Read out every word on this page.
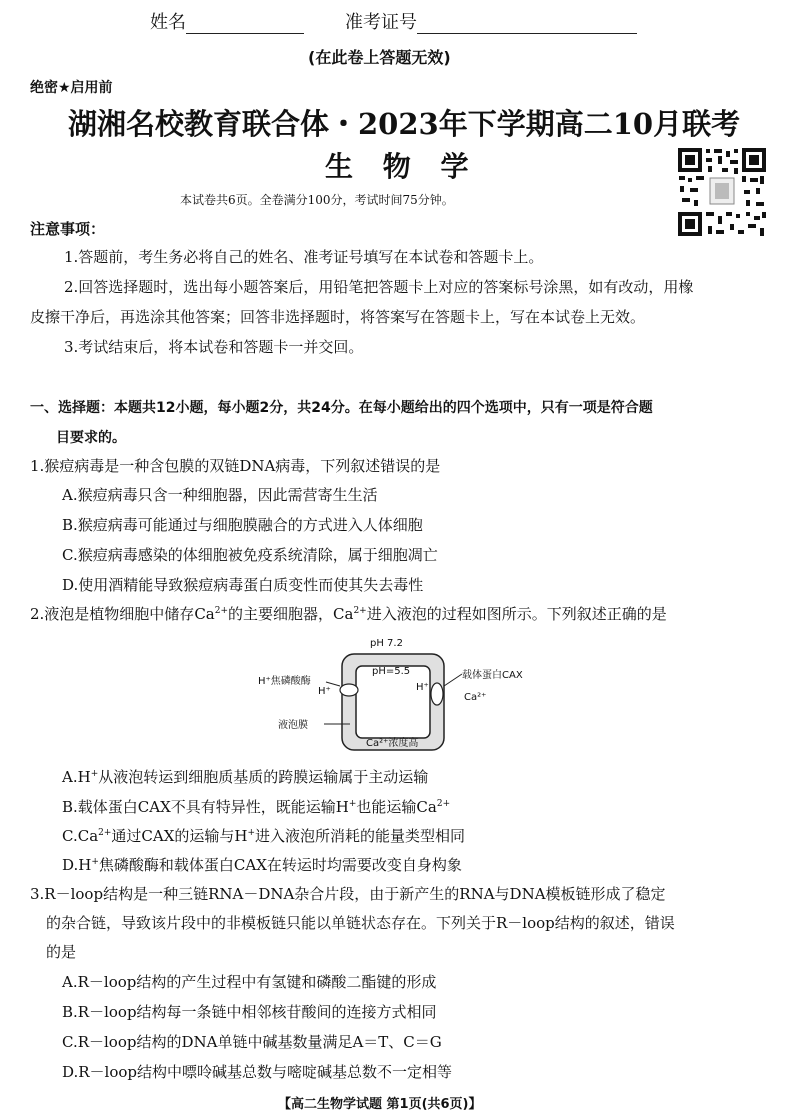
姓名	准考证号
(在此卷上答题无效)
绝密★启用前
湖湘名校教育联合体・2023年下学期高二10月联考
生 物 学
本试卷共6页。全卷满分100分，考试时间75分钟。
注意事项：
1.答题前，考生务必将自己的姓名、准考证号填写在本试卷和答题卡上。
2.回答选择题时，选出每小题答案后，用铅笔把答题卡上对应的答案标号涂黑，如有改动，用橡
皮擦干净后，再选涂其他答案；回答非选择题时，将答案写在答题卡上，写在本试卷上无效。
3.考试结束后，将本试卷和答题卡一并交回。
一、选择题：本题共12小题，每小题2分，共24分。在每小题给出的四个选项中，只有一项是符合题
目要求的。
1.猴痘病毒是一种含包膜的双链DNA病毒，下列叙述错误的是
A.猴痘病毒只含一种细胞器，因此需营寄生生活
B.猴痘病毒可能通过与细胞膜融合的方式进入人体细胞
C.猴痘病毒感染的体细胞被免疫系统清除，属于细胞凋亡
D.使用酒精能导致猴痘病毒蛋白质变性而使其失去毒性
2.液泡是植物细胞中储存$Ca^{2+}$的主要细胞器，$Ca^{2+}$进入液泡的过程如图所示。下列叙述正确的是
pH 7.2
pH=5.5
H⁺焦磷酸酶
H⁺
载体蛋白CAX
H⁺
Ca²⁺
液泡膜
Ca²⁺浓度高
A.H+从液泡转运到细胞质基质的跨膜运输属于主动运输
B.载体蛋白CAX不具有特异性，既能运输H+也能运输$Ca^{2+}$
$C.Ca^{2+}$通过CAX的运输与H+进入液泡所消耗的能量类型相同
D.H+焦磷酸酶和载体蛋白CAX在转运时均需要改变自身构象
3.R－loop结构是一种三链RNA－DNA杂合片段，由于新产生的RNA与DNA模板链形成了稳定
的杂合链，导致该片段中的非模板链只能以单链状态存在。下列关于R－loop结构的叙述，错误
的是
A.R－loop结构的产生过程中有氢键和磷酸二酯键的形成
B.R－loop结构每一条链中相邻核苷酸间的连接方式相同
C.R－loop结构的DNA单链中碱基数量满足A＝T、C＝G
D.R－loop结构中嘌呤碱基总数与嘧啶碱基总数不一定相等
【高二生物学试题 第1页(共6页)】
